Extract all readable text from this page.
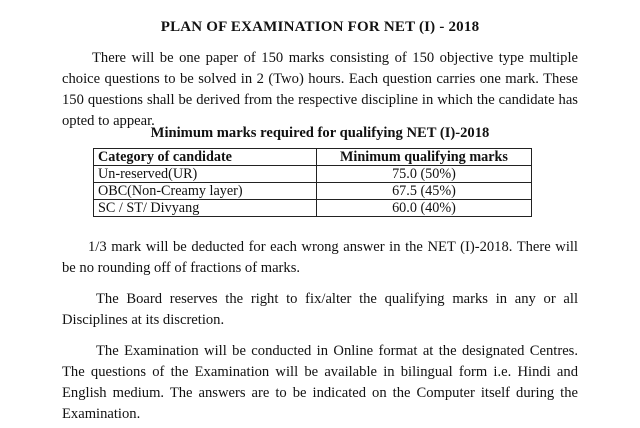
PLAN OF EXAMINATION FOR NET (I) - 2018

There will be one paper of 150 marks consisting of 150 objective type multiple choice questions to be solved in 2 (Two) hours. Each question carries one mark. These 150 questions shall be derived from the respective discipline in which the candidate has opted to appear.

Minimum marks required for qualifying NET (I)-2018
Category of candidate	Minimum qualifying marks
Un-reserved(UR)	75.0 (50%)
OBC(Non-Creamy layer)	67.5 (45%)
SC / ST/ Divyang	60.0 (40%)

1/3 mark will be deducted for each wrong answer in the NET (I)-2018. There will be no rounding off of fractions of marks.

The Board reserves the right to fix/alter the qualifying marks in any or all Disciplines at its discretion.

The Examination will be conducted in Online format at the designated Centres. The questions of the Examination will be available in bilingual form i.e. Hindi and English medium. The answers are to be indicated on the Computer itself during the Examination.
